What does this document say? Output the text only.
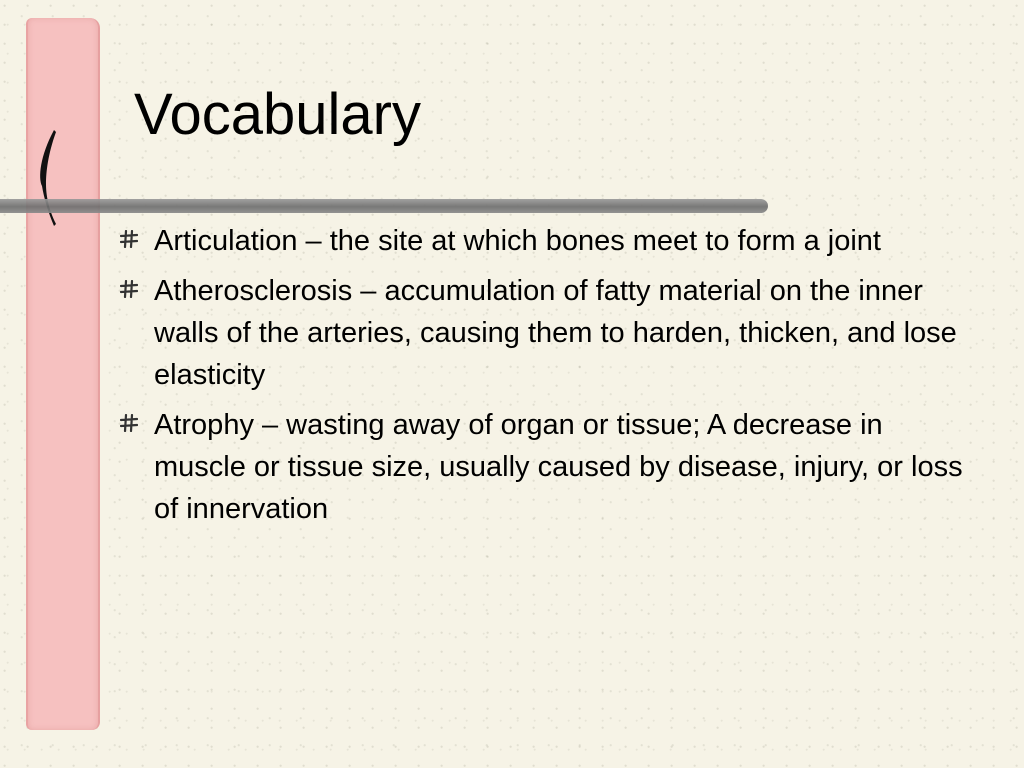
Vocabulary
Articulation – the site at which bones meet to form a joint
Atherosclerosis – accumulation of fatty material on the inner walls of the arteries, causing them to harden, thicken, and lose elasticity
Atrophy – wasting away of organ or tissue; A decrease in muscle or tissue size, usually caused by disease, injury, or loss of innervation
